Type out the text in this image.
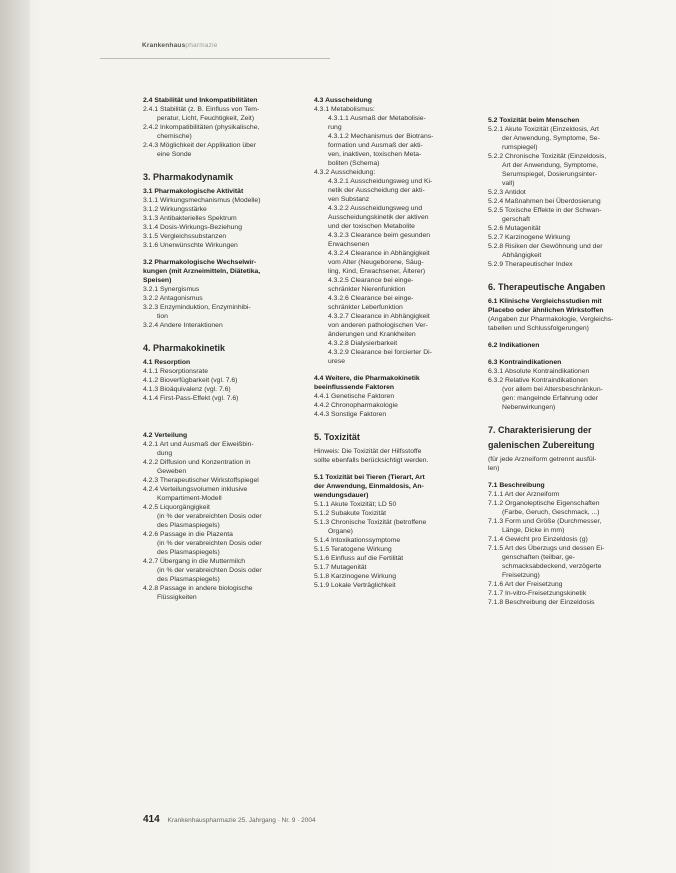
Krankenhauspharmazie
2.4 Stabilität und Inkompatibilitäten
2.4.1 Stabilität (z. B. Einfluss von Tem-
peratur, Licht, Feuchtigkeit, Zeit)
2.4.2 Inkompatibilitäten (physikalische,
chemische)
2.4.3 Möglichkeit der Applikation über
eine Sonde
3. Pharmakodynamik
3.1 Pharmakologische Aktivität
3.1.1 Wirkungsmechanismus (Modelle)
3.1.2 Wirkungsstärke
3.1.3 Antibakterielles Spektrum
3.1.4 Dosis-Wirkungs-Beziehung
3.1.5 Vergleichssubstanzen
3.1.6 Unerwünschte Wirkungen
3.2 Pharmakologische Wechselwir-
kungen (mit Arzneimitteln, Diätetika,
Speisen)
3.2.1 Synergismus
3.2.2 Antagonismus
3.2.3 Enzyminduktion, Enzyminhibi-
tion
3.2.4 Andere Interaktionen
4. Pharmakokinetik
4.1 Resorption
4.1.1 Resorptionsrate
4.1.2 Bioverfügbarkeit (vgl. 7.6)
4.1.3 Bioäquivalenz (vgl. 7.6)
4.1.4 First-Pass-Effekt (vgl. 7.6)
4.2 Verteilung
4.2.1 Art und Ausmaß der Eiweißbin-
dung
4.2.2 Diffusion und Konzentration in
Geweben
4.2.3 Therapeutischer Wirkstoffspiegel
4.2.4 Verteilungsvolumen inklusive
Kompartiment-Modell
4.2.5 Liquorgängigkeit
(in % der verabreichten Dosis oder
des Plasmaspiegels)
4.2.6 Passage in die Plazenta
(in % der verabreichten Dosis oder
des Plasmaspiegels)
4.2.7 Übergang in die Muttermilch
(in % der verabreichten Dosis oder
des Plasmaspiegels)
4.2.8 Passage in andere biologische
Flüssigkeiten
4.3 Ausscheidung
4.3.1 Metabolismus:
4.3.1.1 Ausmaß der Metabolisie-
rung
4.3.1.2 Mechanismus der Biotrans-
formation und Ausmaß der akti-
ven, inaktiven, toxischen Meta-
boliten (Schema)
4.3.2 Ausscheidung:
4.3.2.1 Ausscheidungsweg und Ki-
netik der Ausscheidung der akti-
ven Substanz
4.3.2.2 Ausscheidungsweg und
Ausscheidungskinetik der aktiven
und der toxischen Metabolite
4.3.2.3 Clearance beim gesunden
Erwachsenen
4.3.2.4 Clearance in Abhängigkeit
vom Alter (Neugeborene, Säug-
ling, Kind, Erwachsener, Älterer)
4.3.2.5 Clearance bei einge-
schränkter Nierenfunktion
4.3.2.6 Clearance bei einge-
schränkter Leberfunktion
4.3.2.7 Clearance in Abhängigkeit
von anderen pathologischen Ver-
änderungen und Krankheiten
4.3.2.8 Dialysierbarkeit
4.3.2.9 Clearance bei forcierter Di-
urese
4.4 Weitere, die Pharmakokinetik
beeinflussende Faktoren
4.4.1 Genetische Faktoren
4.4.2 Chronopharmakologie
4.4.3 Sonstige Faktoren
5. Toxizität
Hinweis: Die Toxizität der Hilfsstoffe
sollte ebenfalls berücksichtigt werden.
5.1 Toxizität bei Tieren (Tierart, Art
der Anwendung, Einmaldosis, An-
wendungsdauer)
5.1.1 Akute Toxizität; LD 50
5.1.2 Subakute Toxizität
5.1.3 Chronische Toxizität (betroffene
Organe)
5.1.4 Intoxikationssymptome
5.1.5 Teratogene Wirkung
5.1.6 Einfluss auf die Fertilität
5.1.7 Mutagenität
5.1.8 Karzinogene Wirkung
5.1.9 Lokale Verträglichkeit
5.2 Toxizität beim Menschen
5.2.1 Akute Toxizität (Einzeldosis, Art
der Anwendung, Symptome, Se-
rumspiegel)
5.2.2 Chronische Toxizität (Einzeldosis,
Art der Anwendung, Symptome,
Serumspiegel, Dosierungsinter-
vall)
5.2.3 Antidot
5.2.4 Maßnahmen bei Überdosierung
5.2.5 Toxische Effekte in der Schwan-
gerschaft
5.2.6 Mutagenität
5.2.7 Karzinogene Wirkung
5.2.8 Risiken der Gewöhnung und der
Abhängigkeit
5.2.9 Therapeutischer Index
6. Therapeutische Angaben
6.1 Klinische Vergleichsstudien mit
Placebo oder ähnlichen Wirkstoffen
(Angaben zur Pharmakologie, Vergleichs-
tabellen und Schlussfolgerungen)
6.2 Indikationen
6.3 Kontraindikationen
6.3.1 Absolute Kontraindikationen
6.3.2 Relative Kontraindikationen
(vor allem bei Altersbeschränkun-
gen: mangelnde Erfahrung oder
Nebenwirkungen)
7. Charakterisierung der
galenischen Zubereitung
(für jede Arzneiform getrennt ausfül-
len)
7.1 Beschreibung
7.1.1 Art der Arzneiform
7.1.2 Organoleptische Eigenschaften
(Farbe, Geruch, Geschmack, ...)
7.1.3 Form und Größe (Durchmesser,
Länge, Dicke in mm)
7.1.4 Gewicht pro Einzeldosis (g)
7.1.5 Art des Überzugs und dessen Ei-
genschaften (teilbar, ge-
schmacksabdeckend, verzögerte
Freisetzung)
7.1.6 Art der Freisetzung
7.1.7 In-vitro-Freisetzungskinetik
7.1.8 Beschreibung der Einzeldosis
414 Krankenhauspharmazie 25. Jahrgang · Nr. 9 · 2004
